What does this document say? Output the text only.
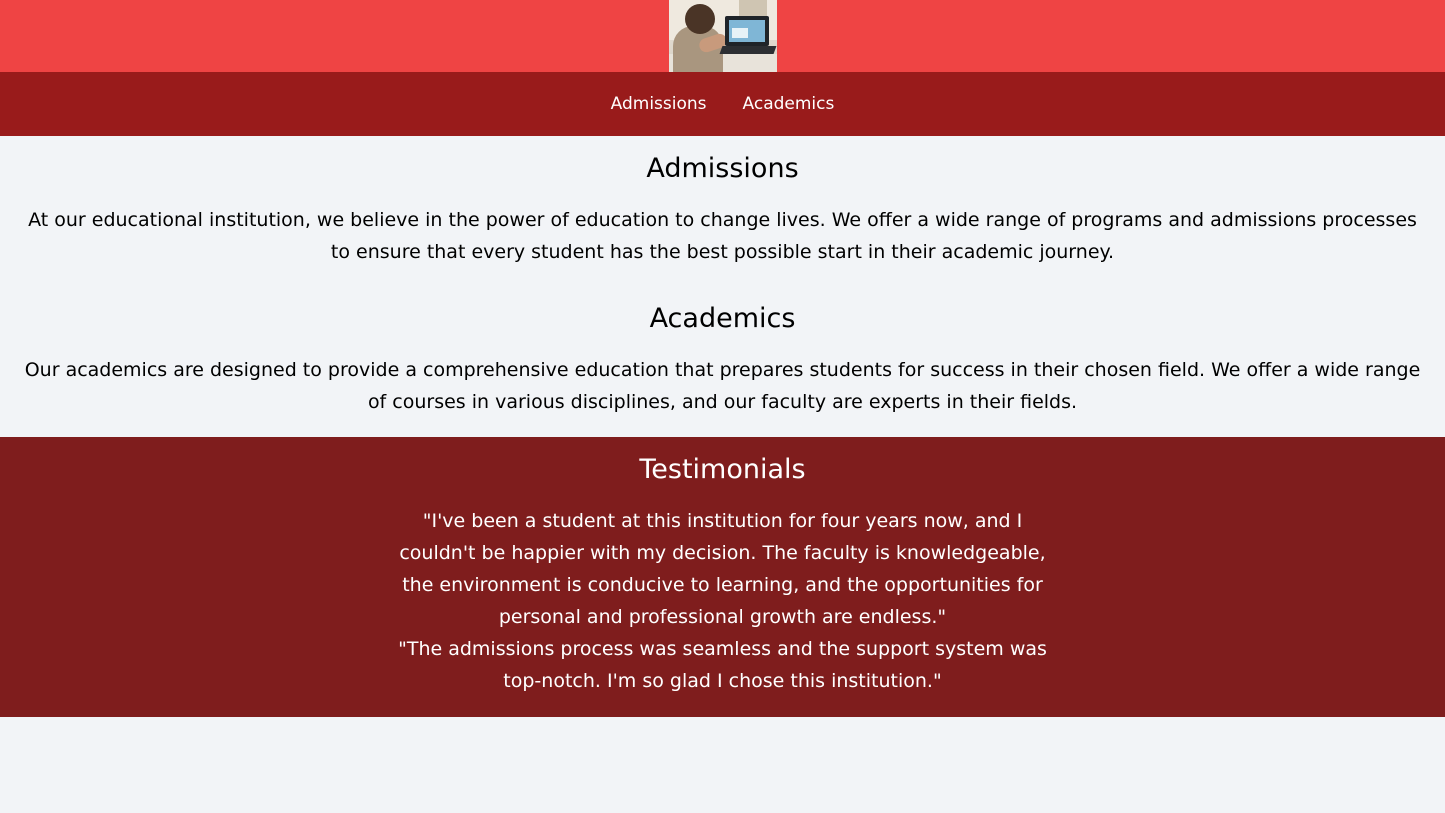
Admissions Academics
Admissions

At our educational institution, we believe in the power of education to change lives. We offer a wide range of programs and admissions processes to ensure that every student has the best possible start in their academic journey.

Academics

Our academics are designed to provide a comprehensive education that prepares students for success in their chosen field. We offer a wide range of courses in various disciplines, and our faculty are experts in their fields.

Testimonials

"I've been a student at this institution for four years now, and I couldn't be happier with my decision. The faculty is knowledgeable, the environment is conducive to learning, and the opportunities for personal and professional growth are endless."

"The admissions process was seamless and the support system was top-notch. I'm so glad I chose this institution."
